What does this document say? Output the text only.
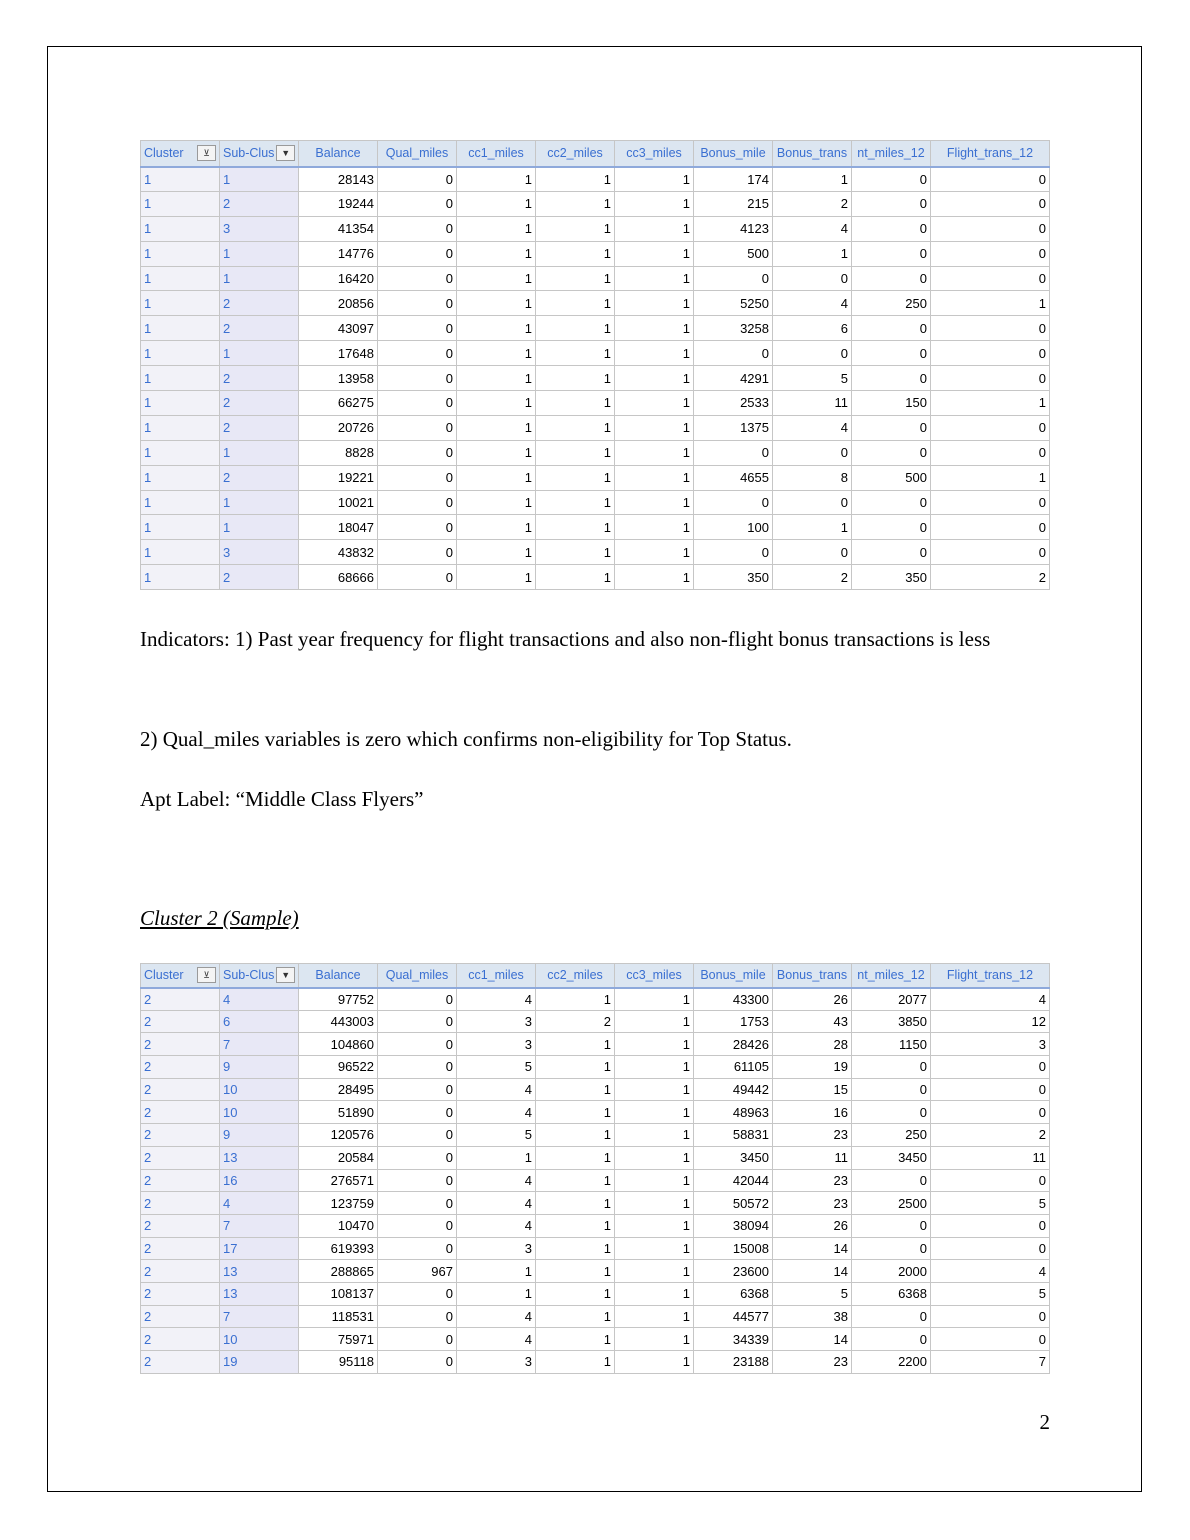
Cluster ⊻	Sub-Clus ▼	Balance	Qual_miles	cc1_miles	cc2_miles	cc3_miles	Bonus_mile	Bonus_trans	nt_miles_12	Flight_trans_12
1	1	28143	0	1	1	1	174	1	0	0
1	2	19244	0	1	1	1	215	2	0	0
1	3	41354	0	1	1	1	4123	4	0	0
1	1	14776	0	1	1	1	500	1	0	0
1	1	16420	0	1	1	1	0	0	0	0
1	2	20856	0	1	1	1	5250	4	250	1
1	2	43097	0	1	1	1	3258	6	0	0
1	1	17648	0	1	1	1	0	0	0	0
1	2	13958	0	1	1	1	4291	5	0	0
1	2	66275	0	1	1	1	2533	11	150	1
1	2	20726	0	1	1	1	1375	4	0	0
1	1	8828	0	1	1	1	0	0	0	0
1	2	19221	0	1	1	1	4655	8	500	1
1	1	10021	0	1	1	1	0	0	0	0
1	1	18047	0	1	1	1	100	1	0	0
1	3	43832	0	1	1	1	0	0	0	0
1	2	68666	0	1	1	1	350	2	350	2

Indicators: 1) Past year frequency for flight transactions and also non-flight bonus transactions is less

2) Qual_miles variables is zero which confirms non-eligibility for Top Status.

Apt Label: “Middle Class Flyers”

Cluster 2 (Sample)

Cluster ⊻	Sub-Clus ▼	Balance	Qual_miles	cc1_miles	cc2_miles	cc3_miles	Bonus_mile	Bonus_trans	nt_miles_12	Flight_trans_12
2	4	97752	0	4	1	1	43300	26	2077	4
2	6	443003	0	3	2	1	1753	43	3850	12
2	7	104860	0	3	1	1	28426	28	1150	3
2	9	96522	0	5	1	1	61105	19	0	0
2	10	28495	0	4	1	1	49442	15	0	0
2	10	51890	0	4	1	1	48963	16	0	0
2	9	120576	0	5	1	1	58831	23	250	2
2	13	20584	0	1	1	1	3450	11	3450	11
2	16	276571	0	4	1	1	42044	23	0	0
2	4	123759	0	4	1	1	50572	23	2500	5
2	7	10470	0	4	1	1	38094	26	0	0
2	17	619393	0	3	1	1	15008	14	0	0
2	13	288865	967	1	1	1	23600	14	2000	4
2	13	108137	0	1	1	1	6368	5	6368	5
2	7	118531	0	4	1	1	44577	38	0	0
2	10	75971	0	4	1	1	34339	14	0	0
2	19	95118	0	3	1	1	23188	23	2200	7
2
